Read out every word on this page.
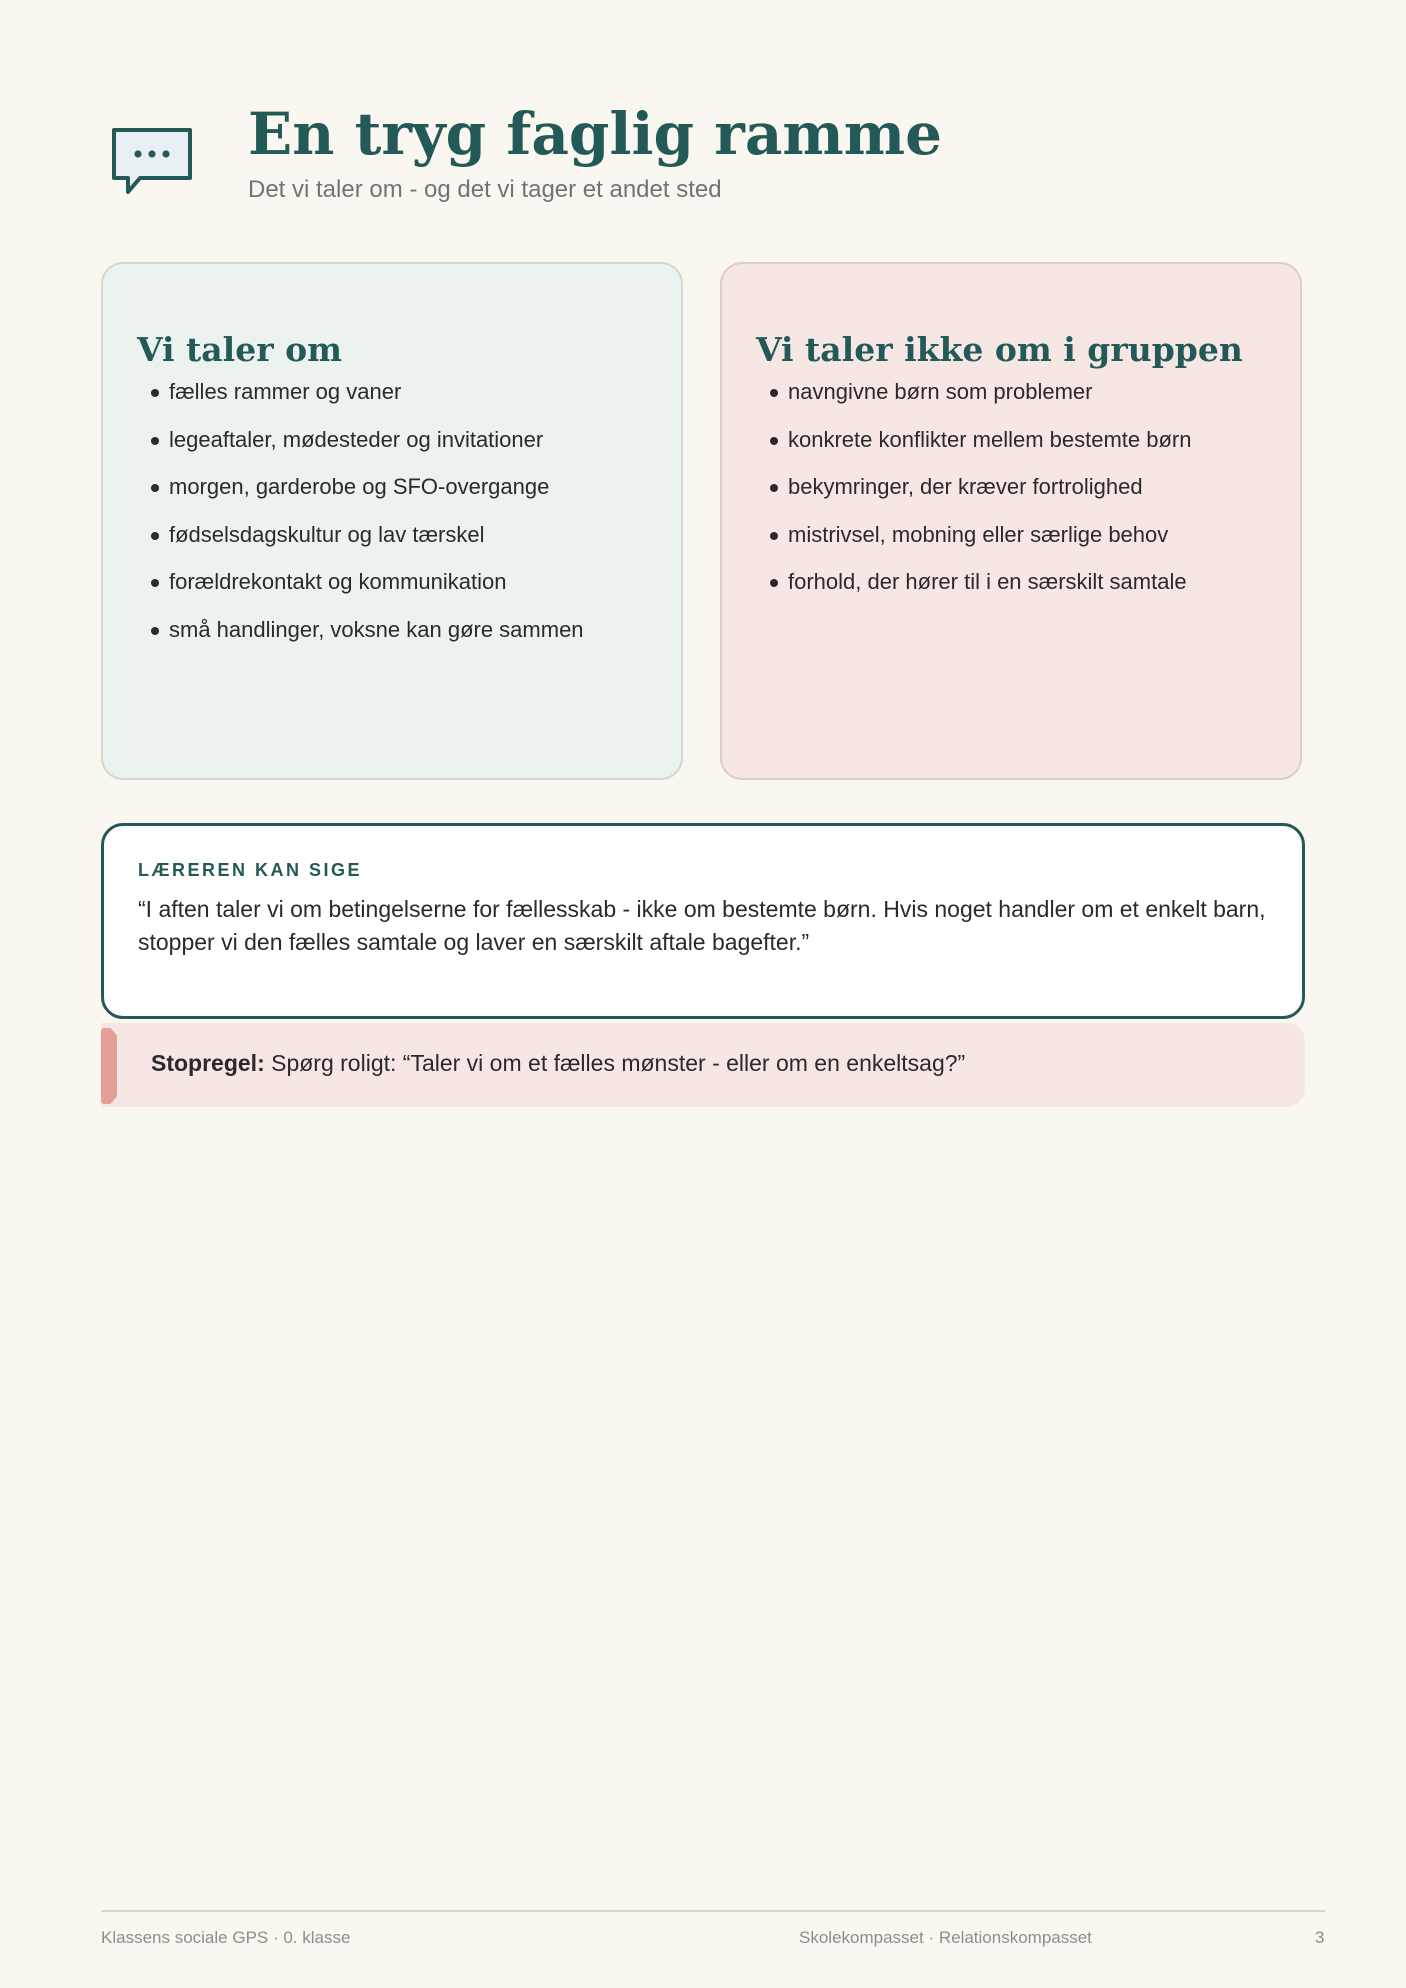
En tryg faglig ramme

Det vi taler om - og det vi tager et andet sted

Vi taler om
fælles rammer og vaner
legeaftaler, mødesteder og invitationer
morgen, garderobe og SFO-overgange
fødselsdagskultur og lav tærskel
forældrekontakt og kommunikation
små handlinger, voksne kan gøre sammen
Vi taler ikke om i gruppen
navngivne børn som problemer
konkrete konflikter mellem bestemte børn
bekymringer, der kræver fortrolighed
mistrivsel, mobning eller særlige behov
forhold, der hører til i en særskilt samtale

LÆREREN KAN SIGE

“I aften taler vi om betingelserne for fællesskab - ikke om bestemte børn. Hvis noget handler om et enkelt barn, stopper vi den fælles samtale og laver en særskilt aftale bagefter.”

Stopregel: Spørg roligt: “Taler vi om et fælles mønster - eller om en enkeltsag?”
Klassens sociale GPS · 0. klasse	Skolekompasset · Relationskompasset	3
